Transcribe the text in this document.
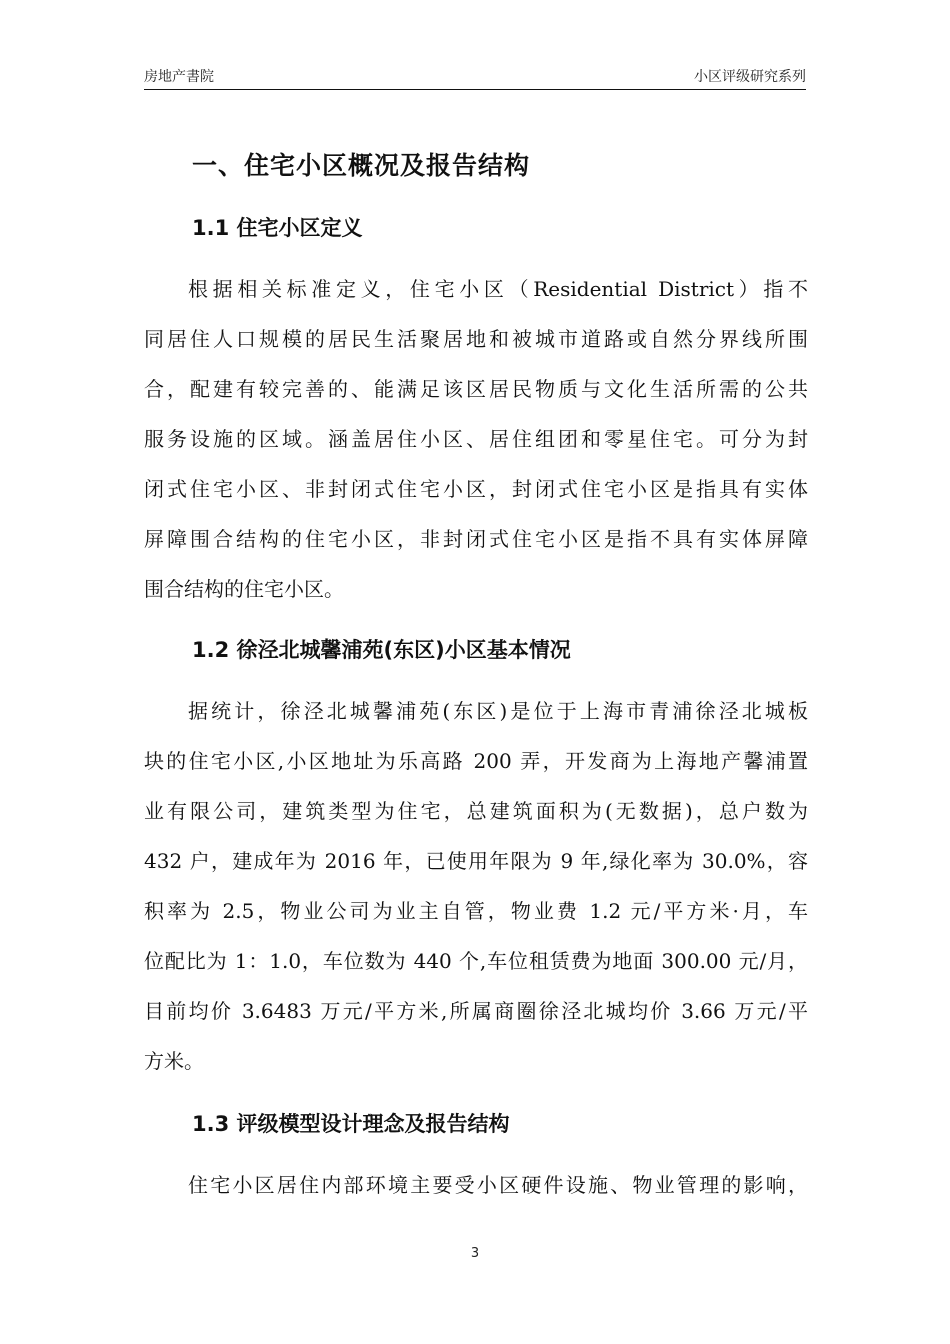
房地产書院	小区评级研究系列
一、住宅小区概况及报告结构
1.1 住宅小区定义
根据相关标准定义，住宅小区（Residential District）指不
同居住人口规模的居民生活聚居地和被城市道路或自然分界线所围
合，配建有较完善的、能满足该区居民物质与文化生活所需的公共
服务设施的区域。涵盖居住小区、居住组团和零星住宅。可分为封
闭式住宅小区、非封闭式住宅小区，封闭式住宅小区是指具有实体
屏障围合结构的住宅小区，非封闭式住宅小区是指不具有实体屏障
围合结构的住宅小区。
1.2 徐泾北城馨浦苑(东区)小区基本情况
据统计，徐泾北城馨浦苑(东区)是位于上海市青浦徐泾北城板
块的住宅小区,小区地址为乐高路 200 弄，开发商为上海地产馨浦置
业有限公司，建筑类型为住宅，总建筑面积为(无数据)，总户数为
432 户，建成年为 2016 年，已使用年限为 9 年,绿化率为 30.0%，容
积率为 2.5，物业公司为业主自管，物业费 1.2 元/平方米·月，车
位配比为 1：1.0，车位数为 440 个,车位租赁费为地面 300.00 元/月，
目前均价 3.6483 万元/平方米,所属商圈徐泾北城均价 3.66 万元/平
方米。
1.3 评级模型设计理念及报告结构
住宅小区居住内部环境主要受小区硬件设施、物业管理的影响，
3
